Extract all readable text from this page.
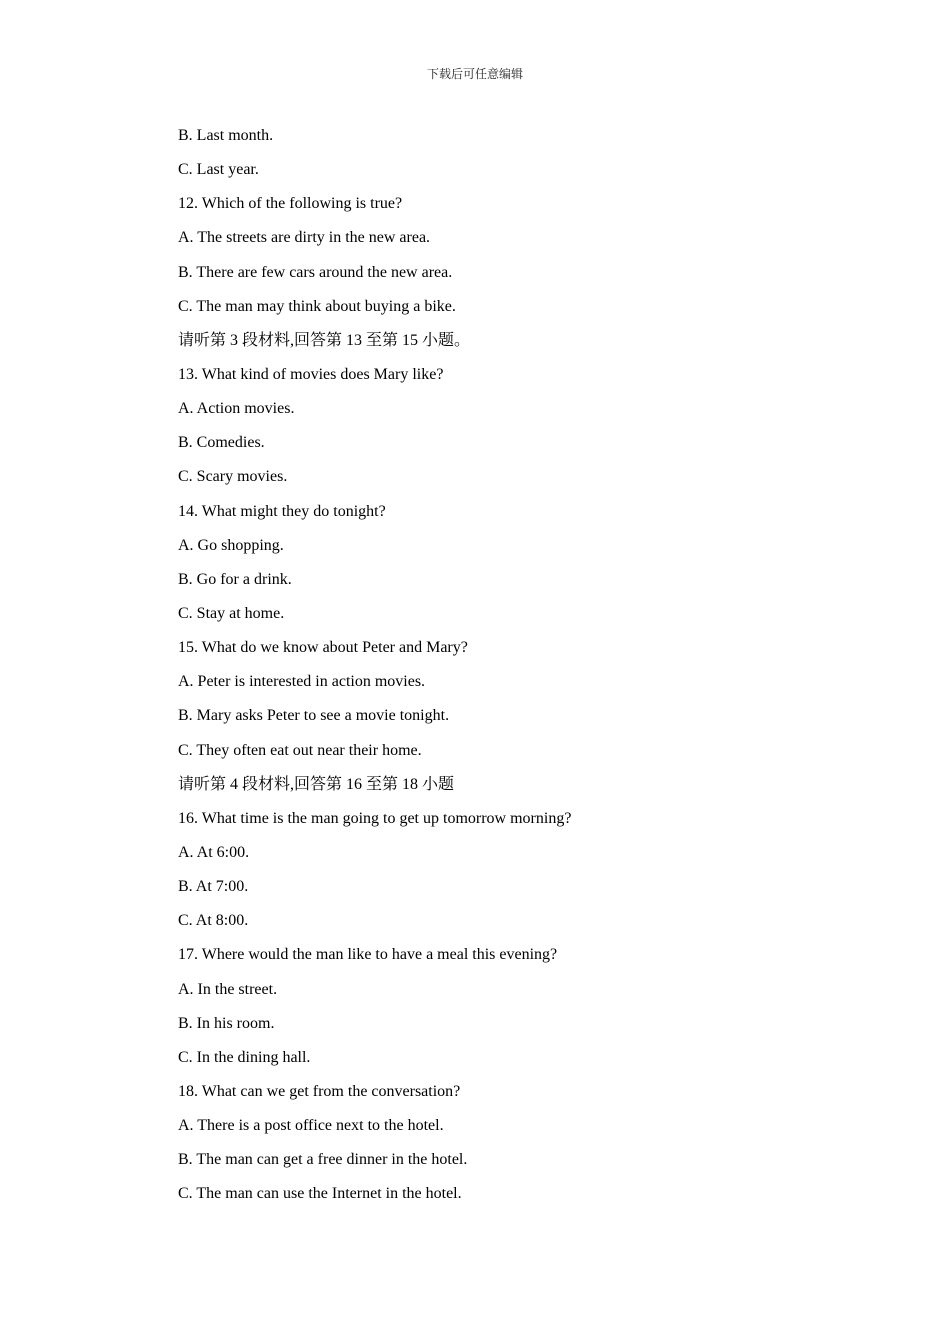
下载后可任意编辑
B. Last month.
C. Last year.
12. Which of the following is true?
A. The streets are dirty in the new area.
B. There are few cars around the new area.
C. The man may think about buying a bike.
请听第 3 段材料,回答第 13 至第 15 小题。
13. What kind of movies does Mary like?
A. Action movies.
B. Comedies.
C. Scary movies.
14. What might they do tonight?
A. Go shopping.
B. Go for a drink.
C. Stay at home.
15. What do we know about Peter and Mary?
A. Peter is interested in action movies.
B. Mary asks Peter to see a movie tonight.
C. They often eat out near their home.
请听第 4 段材料,回答第 16 至第 18 小题
16. What time is the man going to get up tomorrow morning?
A. At 6:00.
B. At 7:00.
C. At 8:00.
17. Where would the man like to have a meal this evening?
A. In the street.
B. In his room.
C. In the dining hall.
18. What can we get from the conversation?
A. There is a post office next to the hotel.
B. The man can get a free dinner in the hotel.
C. The man can use the Internet in the hotel.
